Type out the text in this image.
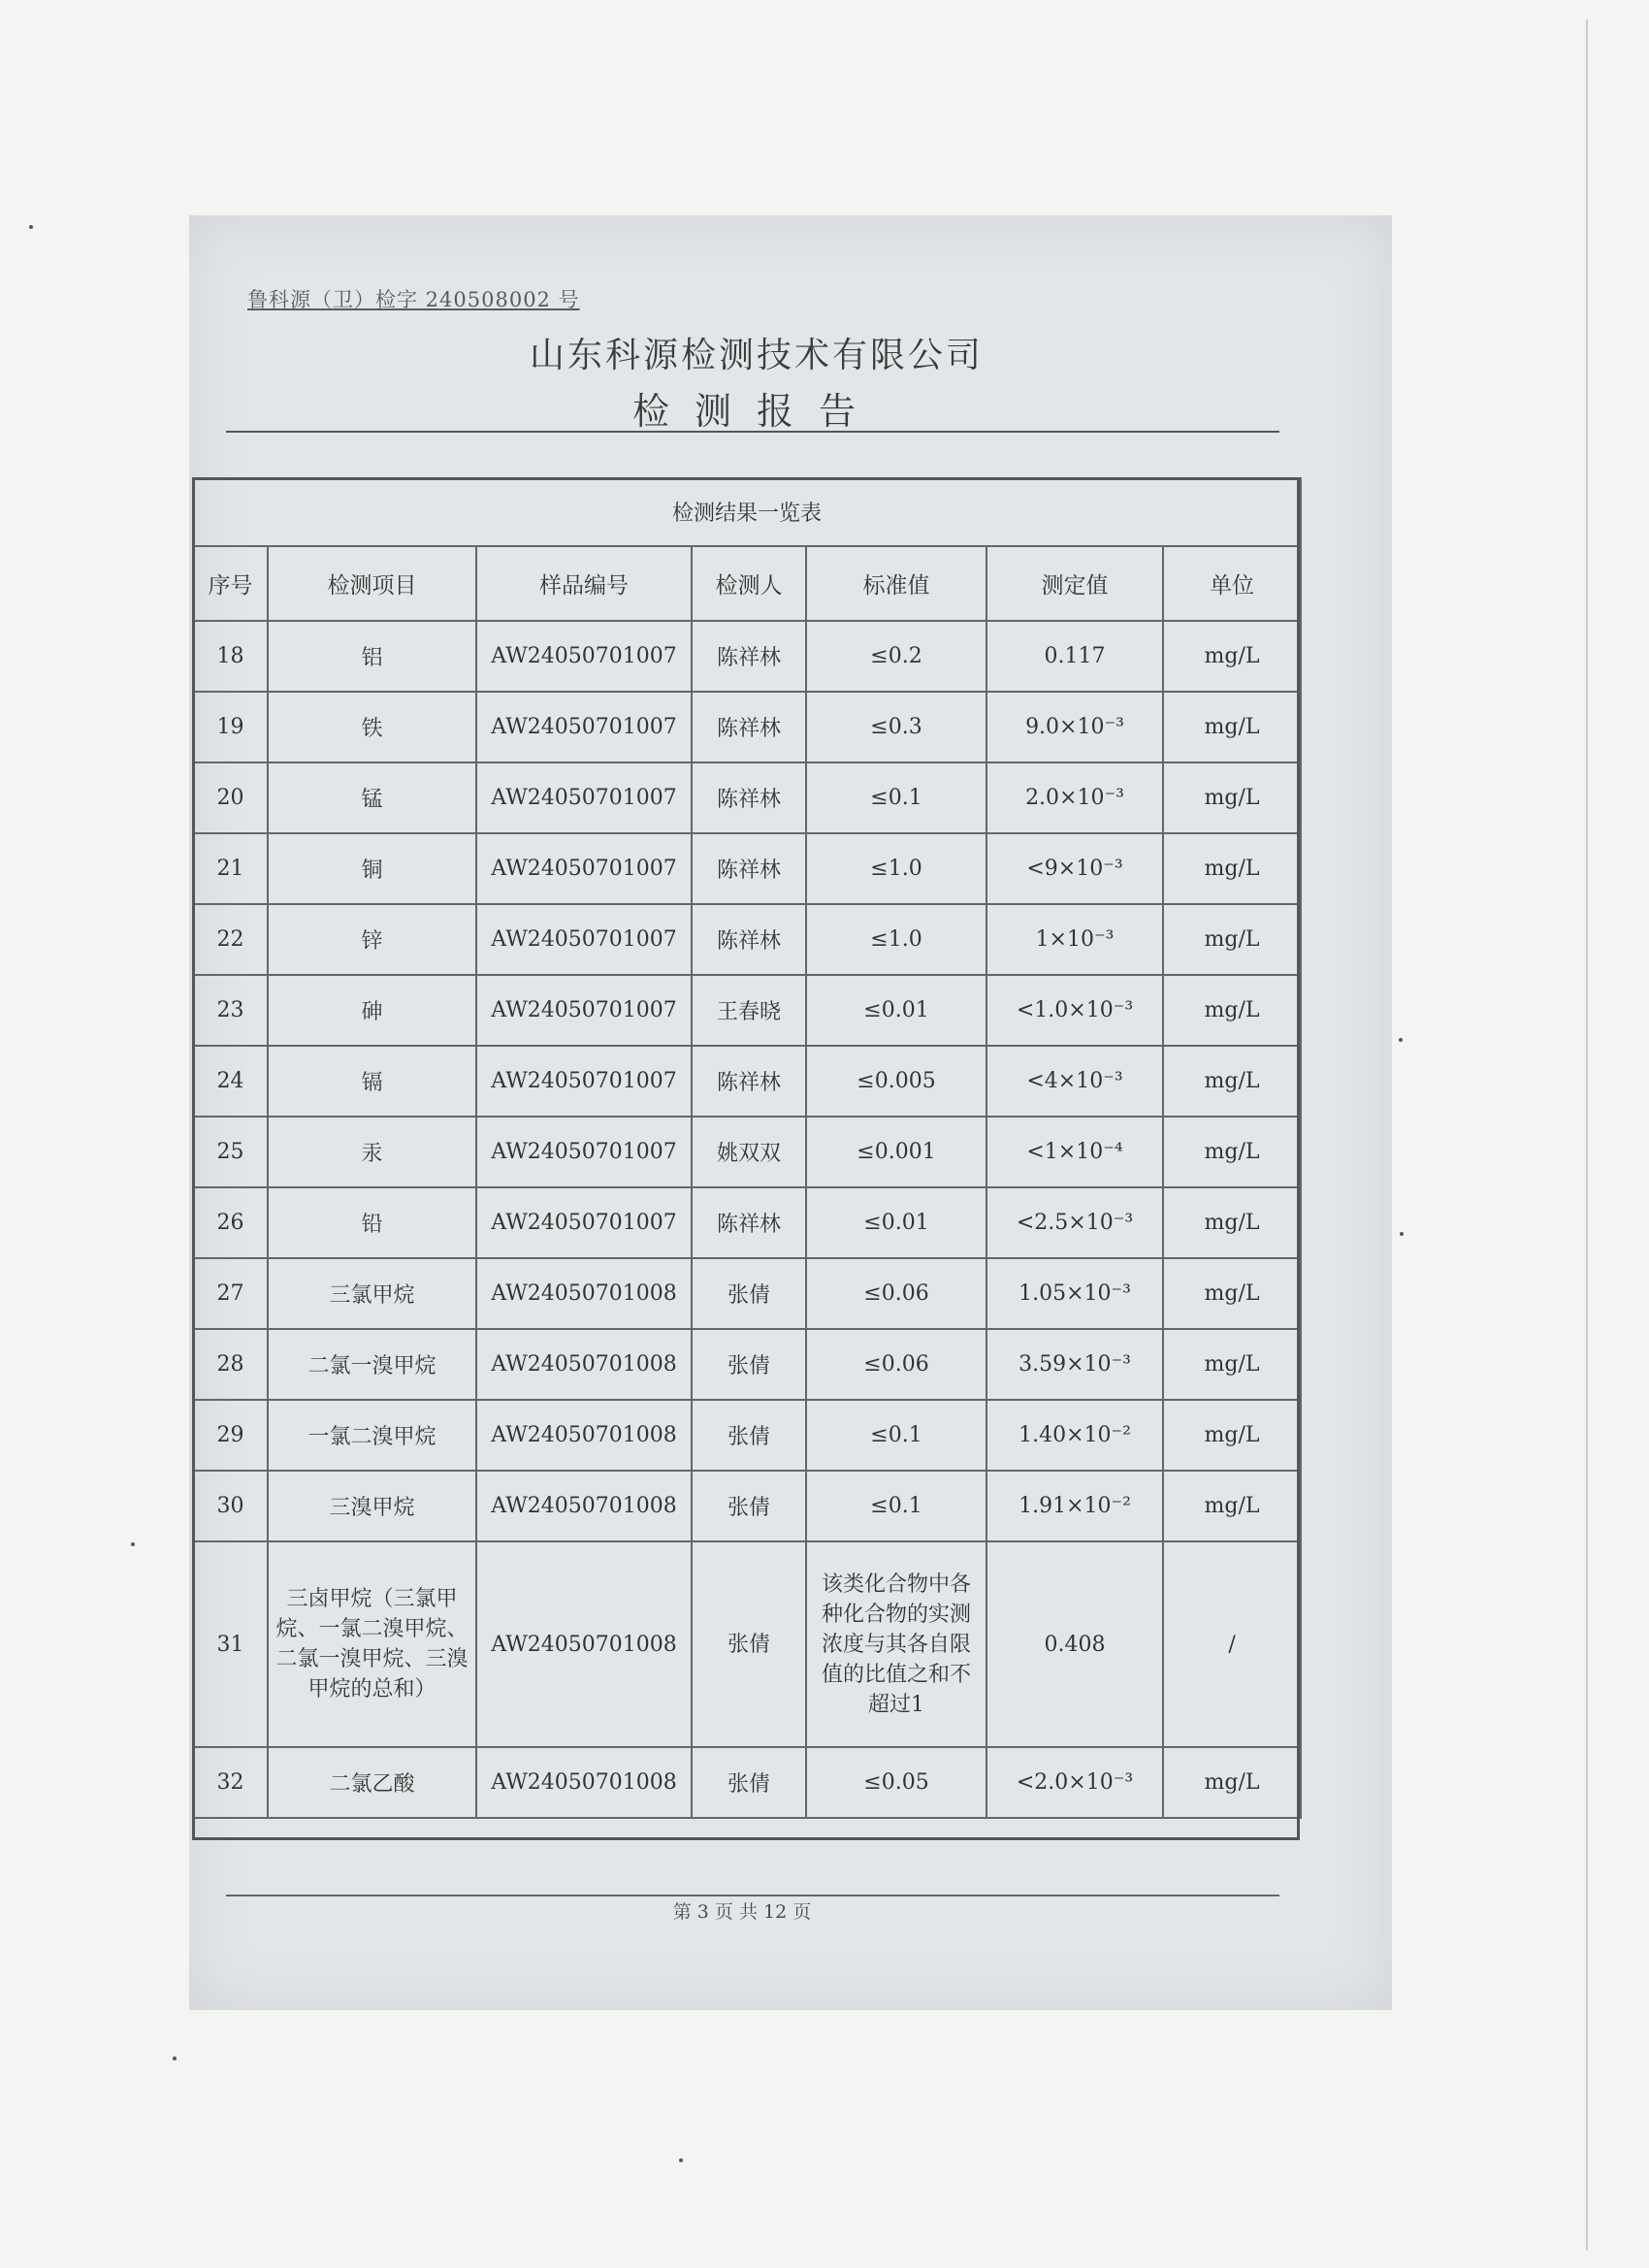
鲁科源（卫）检字 240508002 号
山东科源检测技术有限公司
检测报告
检测结果一览表						
序号	检测项目	样品编号	检测人	标准值	测定值	单位

18	铝	AW24050701007	陈祥林	≤0.2	0.117	mg/L

19	铁	AW24050701007	陈祥林	≤0.3	9.0×10⁻³	mg/L

20	锰	AW24050701007	陈祥林	≤0.1	2.0×10⁻³	mg/L

21	铜	AW24050701007	陈祥林	≤1.0	<9×10⁻³	mg/L

22	锌	AW24050701007	陈祥林	≤1.0	1×10⁻³	mg/L

23	砷	AW24050701007	王春晓	≤0.01	<1.0×10⁻³	mg/L

24	镉	AW24050701007	陈祥林	≤0.005	<4×10⁻³	mg/L

25	汞	AW24050701007	姚双双	≤0.001	<1×10⁻⁴	mg/L

26	铅	AW24050701007	陈祥林	≤0.01	<2.5×10⁻³	mg/L

27	三氯甲烷	AW24050701008	张倩	≤0.06	1.05×10⁻³	mg/L

28	二氯一溴甲烷	AW24050701008	张倩	≤0.06	3.59×10⁻³	mg/L

29	一氯二溴甲烷	AW24050701008	张倩	≤0.1	1.40×10⁻²	mg/L

30	三溴甲烷	AW24050701008	张倩	≤0.1	1.91×10⁻²	mg/L

31	三卤甲烷（三氯甲烷、一氯二溴甲烷、二氯一溴甲烷、三溴甲烷的总和）	AW24050701008	张倩	该类化合物中各种化合物的实测浓度与其各自限值的比值之和不超过1	0.408	/

32	二氯乙酸	AW24050701008	张倩	≤0.05	<2.0×10⁻³	mg/L
第 3 页 共 12 页
